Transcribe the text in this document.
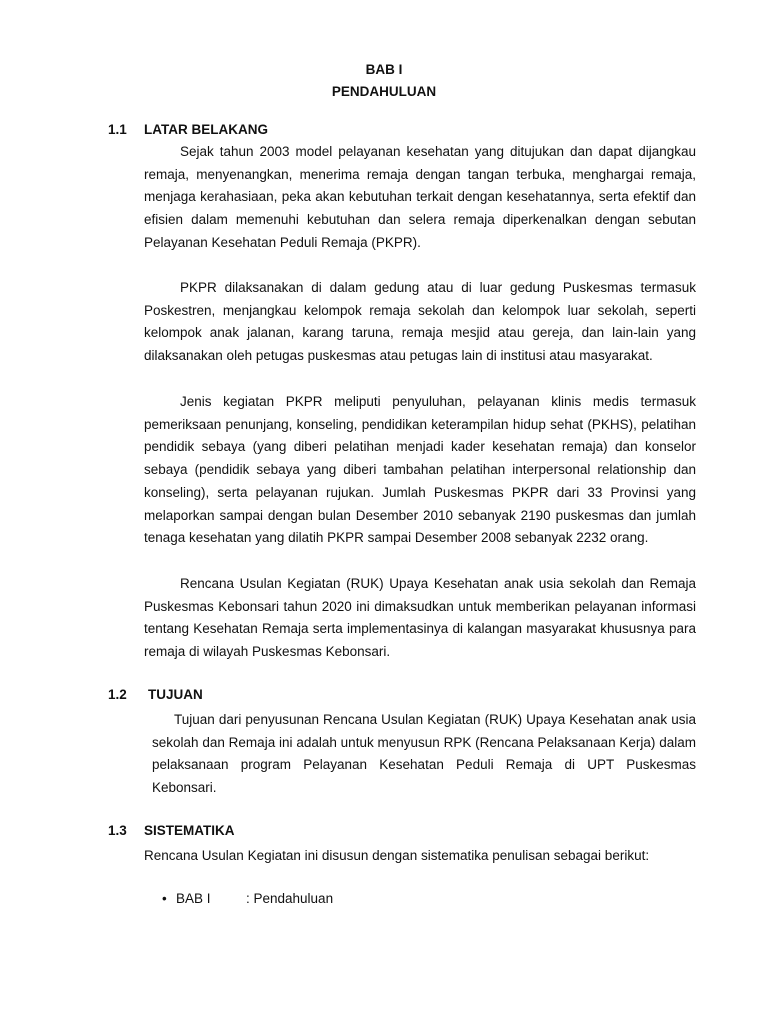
BAB I
PENDAHULUAN
1.1 LATAR BELAKANG
Sejak tahun 2003 model pelayanan kesehatan yang ditujukan dan dapat dijangkau remaja, menyenangkan, menerima remaja dengan tangan terbuka, menghargai remaja, menjaga kerahasiaan, peka akan kebutuhan terkait dengan kesehatannya, serta efektif dan efisien dalam memenuhi kebutuhan dan selera remaja diperkenalkan dengan sebutan Pelayanan Kesehatan Peduli Remaja (PKPR).
PKPR dilaksanakan di dalam gedung atau di luar gedung Puskesmas termasuk Poskestren, menjangkau kelompok remaja sekolah dan kelompok luar sekolah, seperti kelompok anak jalanan, karang taruna, remaja mesjid atau gereja, dan lain-lain yang dilaksanakan oleh petugas puskesmas atau petugas lain di institusi atau masyarakat.
Jenis kegiatan PKPR meliputi penyuluhan, pelayanan klinis medis termasuk pemeriksaan penunjang, konseling, pendidikan keterampilan hidup sehat (PKHS), pelatihan pendidik sebaya (yang diberi pelatihan menjadi kader kesehatan remaja) dan konselor sebaya (pendidik sebaya yang diberi tambahan pelatihan interpersonal relationship dan konseling), serta pelayanan rujukan. Jumlah Puskesmas PKPR dari 33 Provinsi yang melaporkan sampai dengan bulan Desember 2010 sebanyak 2190 puskesmas dan jumlah tenaga kesehatan yang dilatih PKPR sampai Desember 2008 sebanyak 2232 orang.
Rencana Usulan Kegiatan (RUK) Upaya Kesehatan anak usia sekolah dan Remaja Puskesmas Kebonsari tahun 2020 ini dimaksudkan untuk memberikan pelayanan informasi tentang Kesehatan Remaja serta implementasinya di kalangan masyarakat khususnya para remaja di wilayah Puskesmas Kebonsari.
1.2 TUJUAN
Tujuan dari penyusunan Rencana Usulan Kegiatan (RUK) Upaya Kesehatan anak usia sekolah dan Remaja ini adalah untuk menyusun RPK (Rencana Pelaksanaan Kerja) dalam pelaksanaan program Pelayanan Kesehatan Peduli Remaja di UPT Puskesmas Kebonsari.
1.3 SISTEMATIKA
Rencana Usulan Kegiatan ini disusun dengan sistematika penulisan sebagai berikut:
• BAB I	: Pendahuluan
